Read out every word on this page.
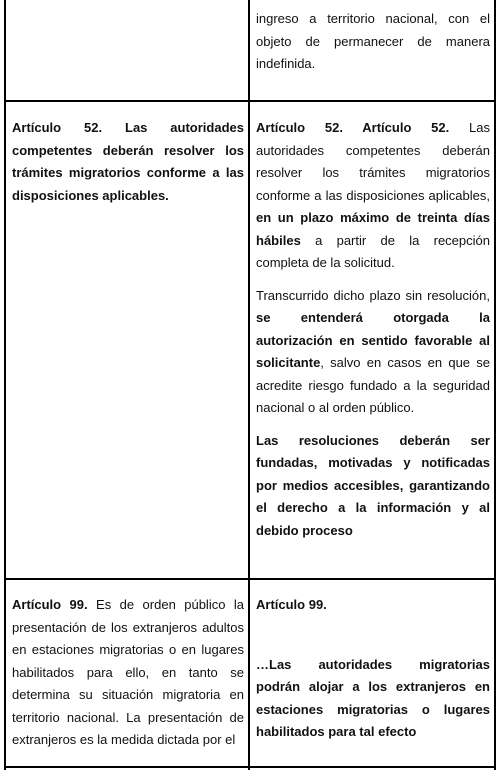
ingreso a territorio nacional, con el objeto de permanecer de manera indefinida.

Artículo 52. Las autoridades competentes deberán resolver los trámites migratorios conforme a las disposiciones aplicables.

Artículo 52. Artículo 52. Las autoridades competentes deberán resolver los trámites migratorios conforme a las disposiciones aplicables, en un plazo máximo de treinta días hábiles a partir de la recepción completa de la solicitud.

Transcurrido dicho plazo sin resolución, se entenderá otorgada la autorización en sentido favorable al solicitante, salvo en casos en que se acredite riesgo fundado a la seguridad nacional o al orden público.

Las resoluciones deberán ser fundadas, motivadas y notificadas por medios accesibles, garantizando el derecho a la información y al debido proceso

Artículo 99. Es de orden público la presentación de los extranjeros adultos en estaciones migratorias o en lugares habilitados para ello, en tanto se determina su situación migratoria en territorio nacional. La presentación de extranjeros es la medida dictada por el

Artículo 99.

…Las autoridades migratorias podrán alojar a los extranjeros en estaciones migratorias o lugares habilitados para tal efecto
